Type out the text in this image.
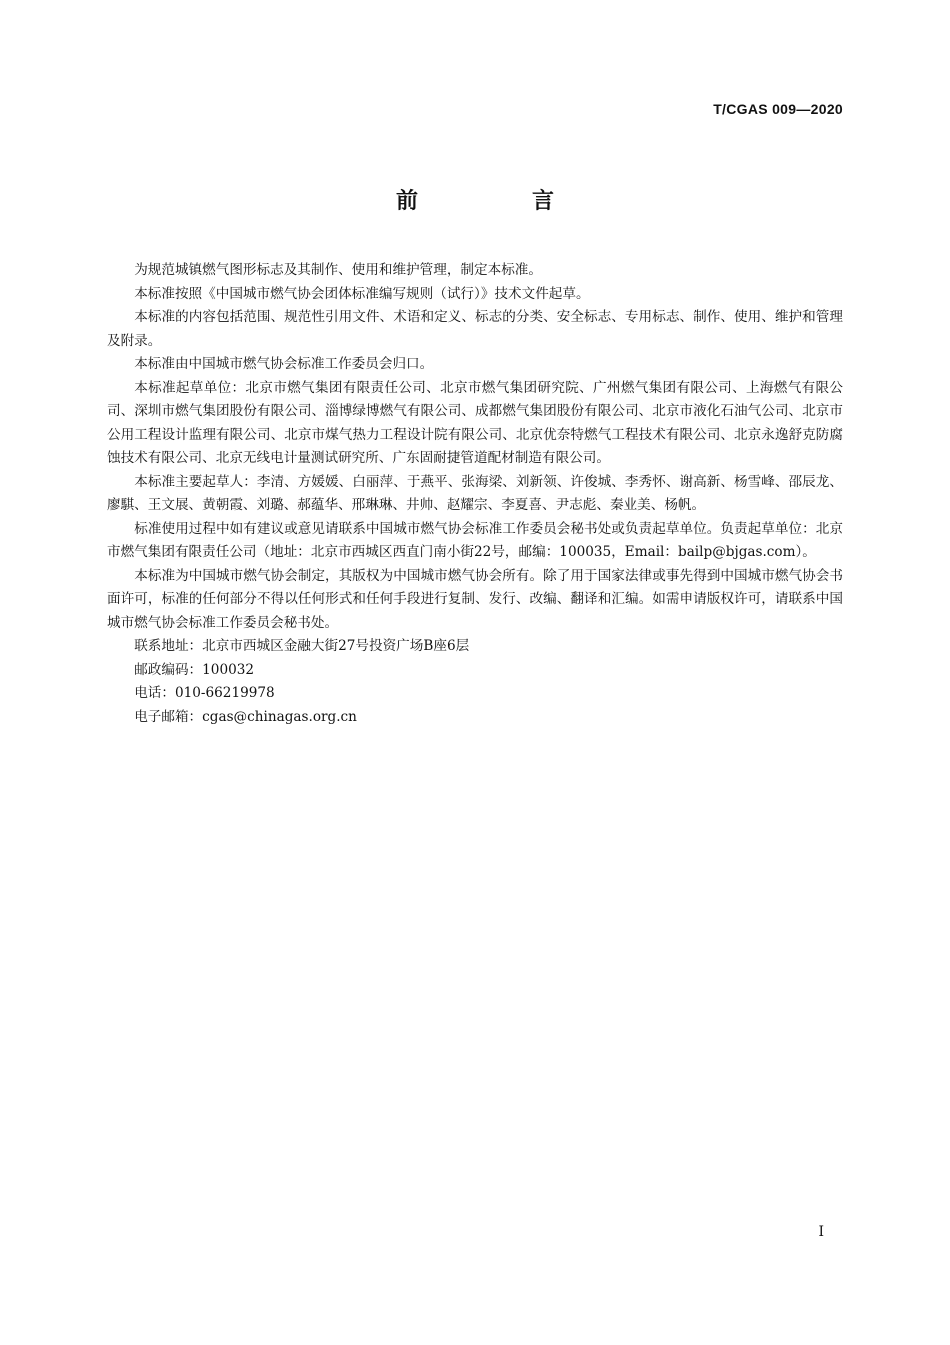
T/CGAS 009—2020
前　言

为规范城镇燃气图形标志及其制作、使用和维护管理，制定本标准。

本标准按照《中国城市燃气协会团体标准编写规则（试行）》技术文件起草。

本标准的内容包括范围、规范性引用文件、术语和定义、标志的分类、安全标志、专用标志、制作、使用、维护和管理及附录。

本标准由中国城市燃气协会标准工作委员会归口。

本标准起草单位：北京市燃气集团有限责任公司、北京市燃气集团研究院、广州燃气集团有限公司、上海燃气有限公司、深圳市燃气集团股份有限公司、淄博绿博燃气有限公司、成都燃气集团股份有限公司、北京市液化石油气公司、北京市公用工程设计监理有限公司、北京市煤气热力工程设计院有限公司、北京优奈特燃气工程技术有限公司、北京永逸舒克防腐蚀技术有限公司、北京无线电计量测试研究所、广东固耐捷管道配材制造有限公司。

本标准主要起草人：李清、方媛媛、白丽萍、于燕平、张海梁、刘新领、许俊城、李秀怀、谢高新、杨雪峰、邵辰龙、廖騏、王文展、黄朝霞、刘璐、郝蕴华、邢琳琳、井帅、赵耀宗、李夏喜、尹志彪、秦业美、杨帆。

标准使用过程中如有建议或意见请联系中国城市燃气协会标准工作委员会秘书处或负责起草单位。负责起草单位：北京市燃气集团有限责任公司（地址：北京市西城区西直门南小街22号，邮编：100035，Email：bailp@bjgas.com）。

本标准为中国城市燃气协会制定，其版权为中国城市燃气协会所有。除了用于国家法律或事先得到中国城市燃气协会书面许可，标准的任何部分不得以任何形式和任何手段进行复制、发行、改编、翻译和汇编。如需申请版权许可，请联系中国城市燃气协会标准工作委员会秘书处。

联系地址：北京市西城区金融大街27号投资广场B座6层

邮政编码：100032

电话：010-66219978

电子邮箱：cgas@chinagas.org.cn

Ⅰ
